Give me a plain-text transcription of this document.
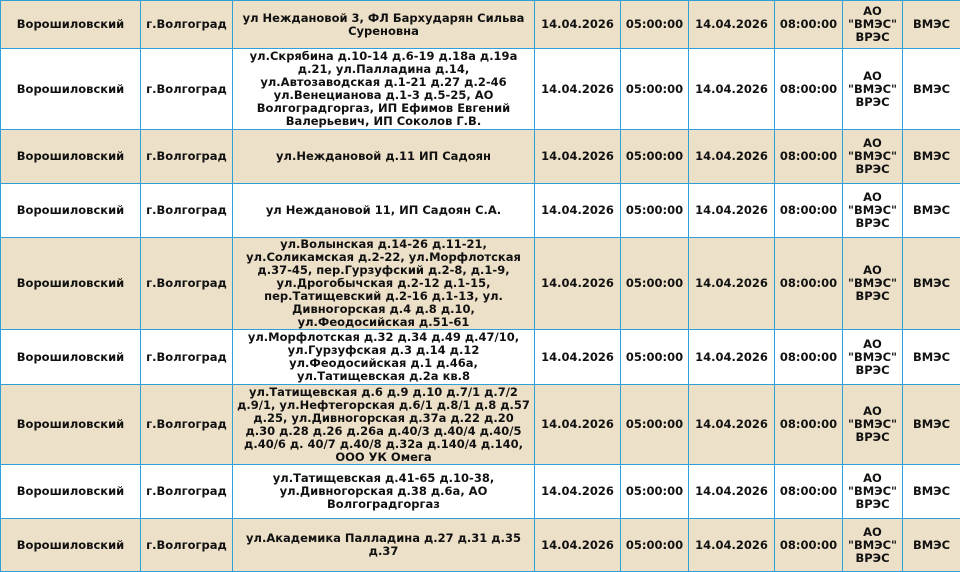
Ворошиловский	г.Волгоград	ул Неждановой 3, ФЛ Бархударян Сильва Суреновна	14.04.2026	05:00:00	14.04.2026	08:00:00	АО "ВМЭС" ВРЭС	ВМЭС
Ворошиловский	г.Волгоград	ул.Скрябина д.10-14 д.6-19 д.18а д.19а д.21, ул.Палладина д.14, ул.Автозаводская д.1-21 д.27 д.2-46 ул.Венецианова д.1-3 д.5-25, АО Волгоградгоргаз, ИП Ефимов Евгений Валерьевич, ИП Соколов Г.В.	14.04.2026	05:00:00	14.04.2026	08:00:00	АО "ВМЭС" ВРЭС	ВМЭС
Ворошиловский	г.Волгоград	ул.Неждановой д.11 ИП Садоян	14.04.2026	05:00:00	14.04.2026	08:00:00	АО "ВМЭС" ВРЭС	ВМЭС
Ворошиловский	г.Волгоград	ул Неждановой 11, ИП Садоян С.А.	14.04.2026	05:00:00	14.04.2026	08:00:00	АО "ВМЭС" ВРЭС	ВМЭС
Ворошиловский	г.Волгоград	ул.Волынская д.14-26 д.11-21, ул.Соликамская д.2-22, ул.Морфлотская д.37-45, пер.Гурзуфский д.2-8, д.1-9, ул.Дрогобычская д.2-12 д.1-15, пер.Татищевский д.2-16 д.1-13, ул. Дивногорская д.4 д.8 д.10, ул.Феодосийская д.51-61	14.04.2026	05:00:00	14.04.2026	08:00:00	АО "ВМЭС" ВРЭС	ВМЭС
Ворошиловский	г.Волгоград	ул.Морфлотская д.32 д.34 д.49 д.47/10, ул.Гурзуфская д.3 д.14 д.12 ул.Феодосийская д.1 д.46а, ул.Татищевская д.2а кв.8	14.04.2026	05:00:00	14.04.2026	08:00:00	АО "ВМЭС" ВРЭС	ВМЭС
Ворошиловский	г.Волгоград	ул.Татищевская д.6 д.9 д.10 д.7/1 д.7/2 д.9/1, ул.Нефтегорская д.6/1 д.8/1 д.8 д.57 д.25, ул.Дивногорская д.37а д.22 д.20 д.30 д.28 д.26 д.26а д.40/3 д.40/4 д.40/5 д.40/6 д. 40/7 д.40/8 д.32а д.140/4 д.140, ООО УК Омега	14.04.2026	05:00:00	14.04.2026	08:00:00	АО "ВМЭС" ВРЭС	ВМЭС
Ворошиловский	г.Волгоград	ул.Татищевская д.41-65 д.10-38, ул.Дивногорская д.38 д.6а, АО Волгоградгоргаз	14.04.2026	05:00:00	14.04.2026	08:00:00	АО "ВМЭС" ВРЭС	ВМЭС
Ворошиловский	г.Волгоград	ул.Академика Палладина д.27 д.31 д.35 д.37	14.04.2026	05:00:00	14.04.2026	08:00:00	АО "ВМЭС" ВРЭС	ВМЭС
